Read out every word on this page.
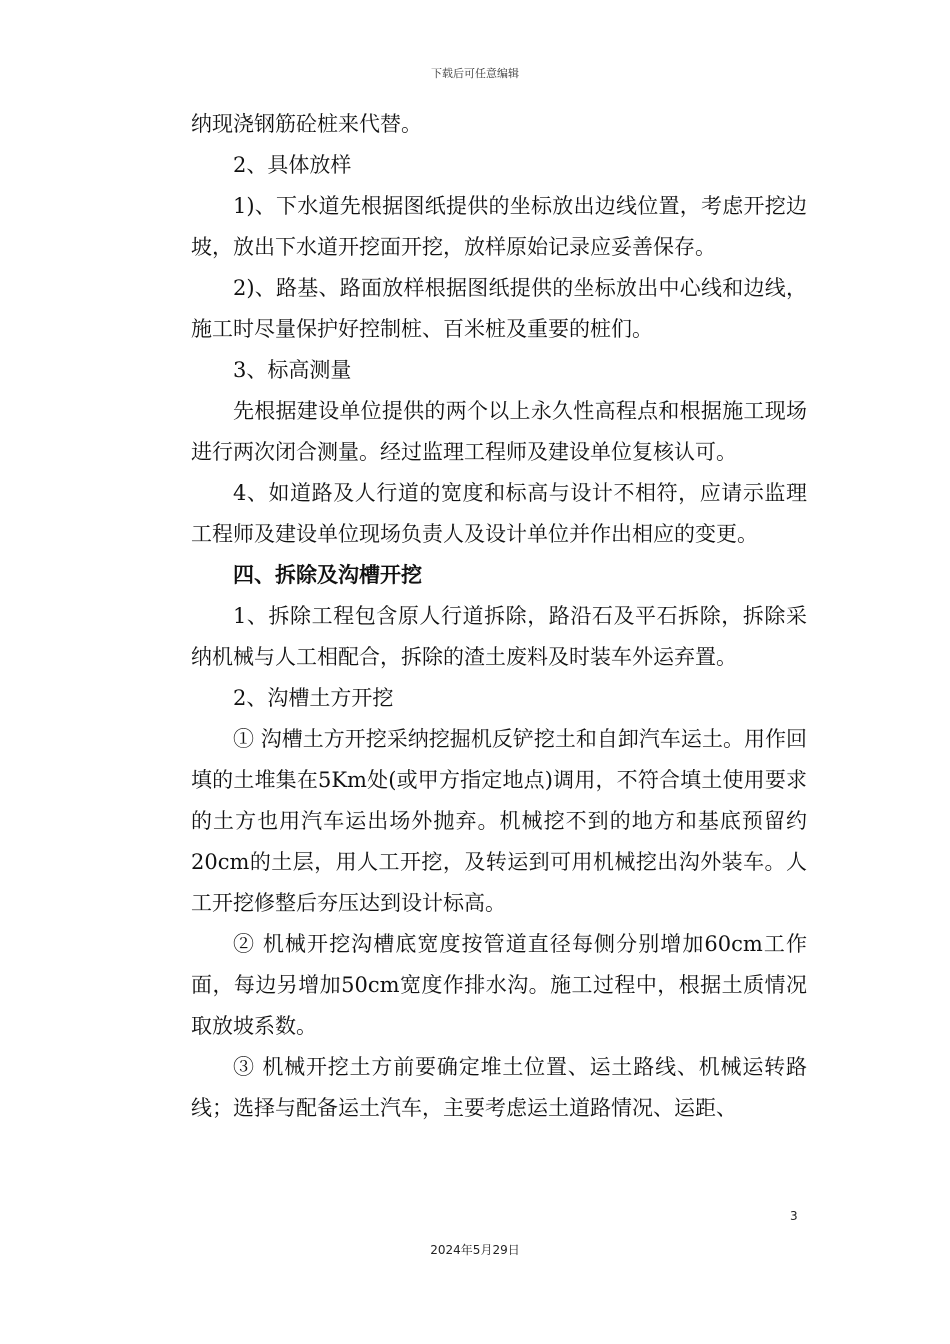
下载后可任意编辑

纳现浇钢筋砼桩来代替。

2、具体放样

1)、下水道先根据图纸提供的坐标放出边线位置，考虑开挖边坡，放出下水道开挖面开挖，放样原始记录应妥善保存。

2)、路基、路面放样根据图纸提供的坐标放出中心线和边线，施工时尽量保护好控制桩、百米桩及重要的桩们。

3、标高测量

先根据建设单位提供的两个以上永久性高程点和根据施工现场进行两次闭合测量。经过监理工程师及建设单位复核认可。

4、如道路及人行道的宽度和标高与设计不相符，应请示监理工程师及建设单位现场负责人及设计单位并作出相应的变更。

四、拆除及沟槽开挖

1、拆除工程包含原人行道拆除，路沿石及平石拆除，拆除采纳机械与人工相配合，拆除的渣土废料及时装车外运弃置。

2、沟槽土方开挖

① 沟槽土方开挖采纳挖掘机反铲挖土和自卸汽车运土。用作回填的土堆集在5Km处(或甲方指定地点)调用，不符合填土使用要求的土方也用汽车运出场外抛弃。机械挖不到的地方和基底预留约20cm的土层，用人工开挖，及转运到可用机械挖出沟外装车。人工开挖修整后夯压达到设计标高。

② 机械开挖沟槽底宽度按管道直径每侧分别增加60cm工作面，每边另增加50cm宽度作排水沟。施工过程中，根据土质情况取放坡系数。

③ 机械开挖土方前要确定堆土位置、运土路线、机械运转路线；选择与配备运土汽车，主要考虑运土道路情况、运距、

3
2024年5月29日
